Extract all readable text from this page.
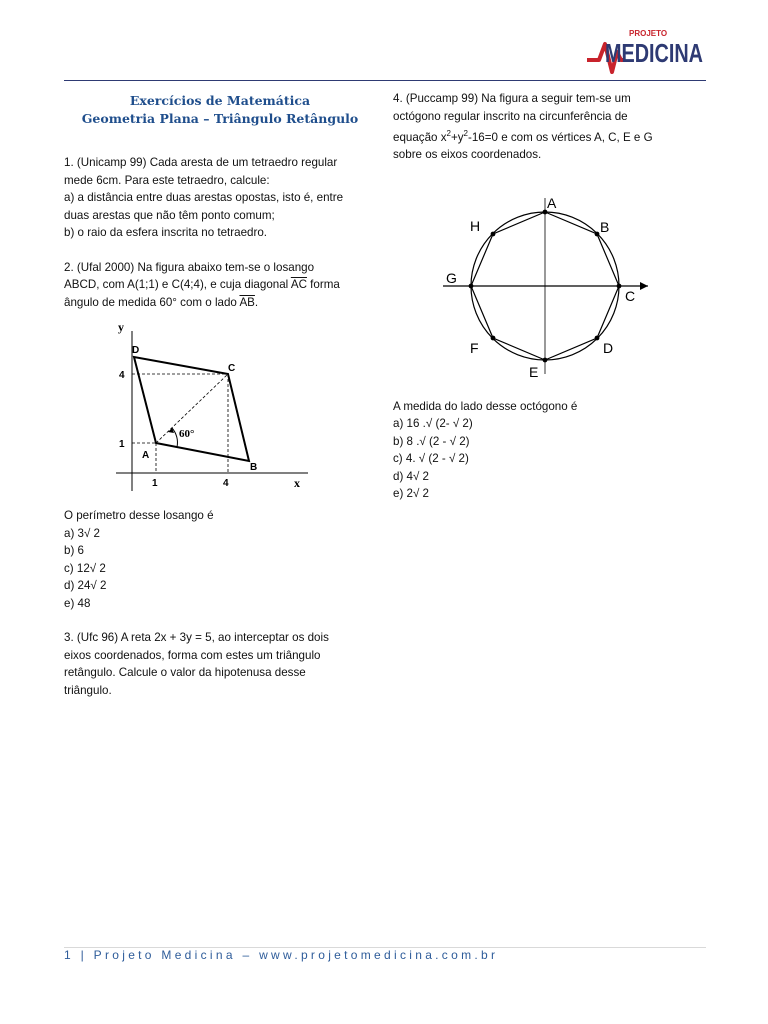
PROJETO
MEDICINA
Exercícios de Matemática
Geometria Plana – Triângulo Retângulo
1. (Unicamp 99) Cada aresta de um tetraedro regular
mede 6cm. Para este tetraedro, calcule:
a) a distância entre duas arestas opostas, isto é, entre
duas arestas que não têm ponto comum;
b) o raio da esfera inscrita no tetraedro.
2. (Ufal 2000) Na figura abaixo tem-se o losango
ABCD, com A(1;1) e C(4;4), e cuja diagonal $\overline{AC}$ forma
ângulo de medida 60° com o lado $\overline{AB}$.
y
x
1	4
1
4
60°
A
B
C
D
O perímetro desse losango é
a) 3√ 2
b) 6
c) 12√ 2
d) 24√ 2
e) 48
3. (Ufc 96) A reta 2x + 3y = 5, ao interceptar os dois
eixos coordenados, forma com estes um triângulo
retângulo. Calcule o valor da hipotenusa desse
triângulo.
4. (Puccamp 99) Na figura a seguir tem-se um
octógono regular inscrito na circunferência de
equação $x^2+y^2-16=0$ e com os vértices A, C, E e G
sobre os eixos coordenados.
A
B
C
D
E
F
G
H
A medida do lado desse octógono é
a) 16 .√ (2- √ 2)
b) 8 .√ (2 - √ 2)
c) 4. √ (2 - √ 2)
d) 4√ 2
e) 2√ 2
1 | Projeto Medicina – www.projetomedicina.com.br
